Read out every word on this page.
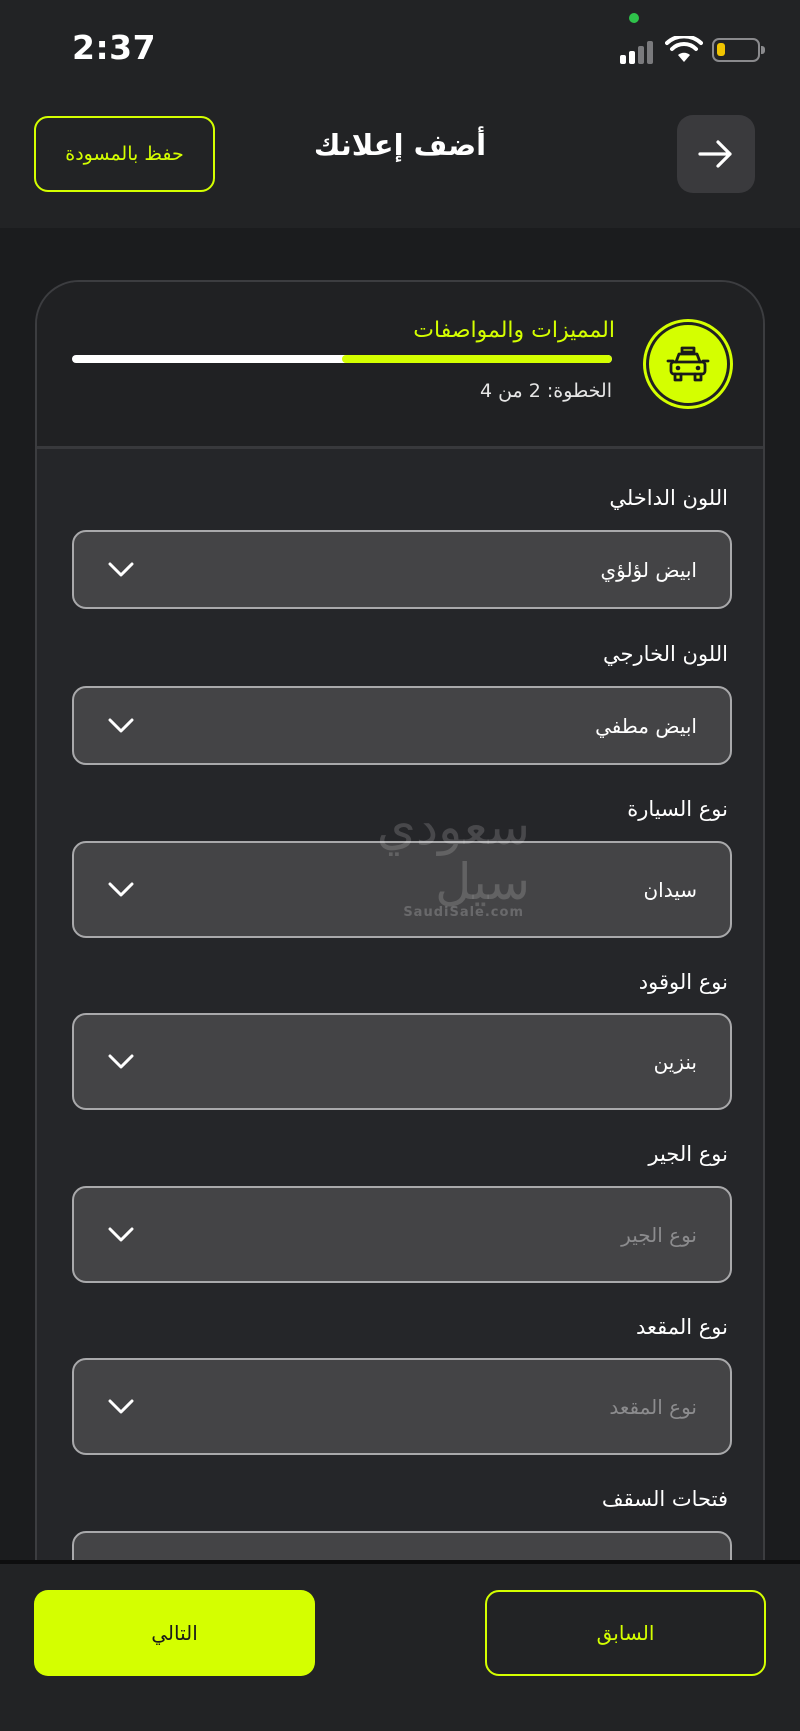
2:37
حفظ بالمسودة	أضف إعلانك
المميزات والمواصفات
الخطوة: 2 من 4
اللون الداخلي
ابيض لؤلؤي
اللون الخارجي
ابيض مطفي
نوع السيارة
سيدان
نوع الوقود
بنزين
نوع الجير
نوع الجير
نوع المقعد
نوع المقعد
فتحات السقف
SaudiSale.com
التالي	السابق
